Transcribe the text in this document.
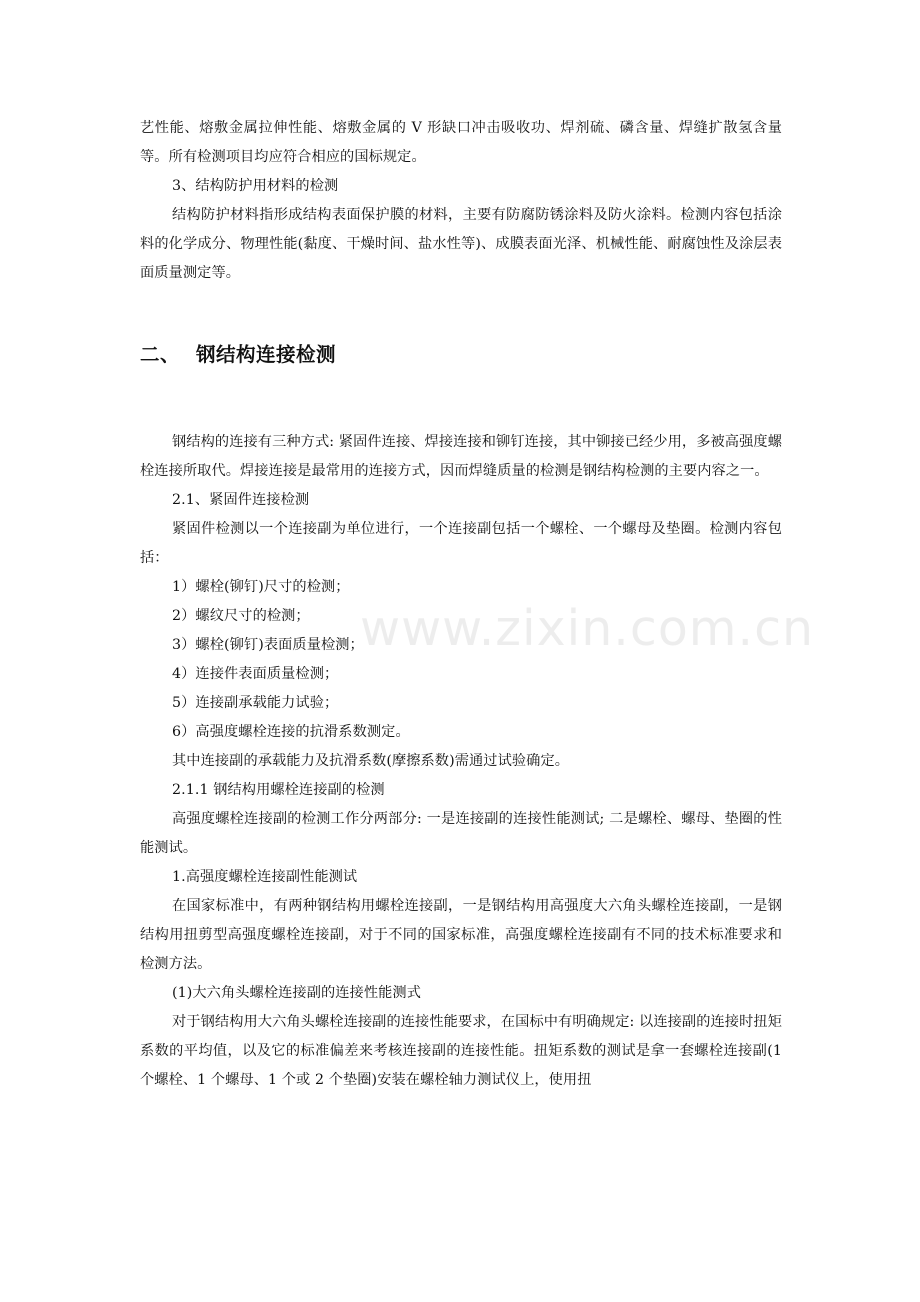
艺性能、熔敷金属拉伸性能、熔敷金属的 V 形缺口冲击吸收功、焊剂硫、磷含量、焊缝扩散氢含量等。所有检测项目均应符合相应的国标规定。

3、结构防护用材料的检测

结构防护材料指形成结构表面保护膜的材料，主要有防腐防锈涂料及防火涂料。检测内容包括涂料的化学成分、物理性能(黏度、干燥时间、盐水性等)、成膜表面光泽、机械性能、耐腐蚀性及涂层表面质量测定等。

二、 钢结构连接检测

钢结构的连接有三种方式: 紧固件连接、焊接连接和铆钉连接，其中铆接已经少用，多被高强度螺栓连接所取代。焊接连接是最常用的连接方式，因而焊缝质量的检测是钢结构检测的主要内容之一。

2.1、紧固件连接检测

紧固件检测以一个连接副为单位进行，一个连接副包括一个螺栓、一个螺母及垫圈。检测内容包括：

1）螺栓(铆钉)尺寸的检测；

2）螺纹尺寸的检测；

3）螺栓(铆钉)表面质量检测；

4）连接件表面质量检测；

5）连接副承载能力试验；

6）高强度螺栓连接的抗滑系数测定。

其中连接副的承载能力及抗滑系数(摩擦系数)需通过试验确定。

2.1.1 钢结构用螺栓连接副的检测

高强度螺栓连接副的检测工作分两部分: 一是连接副的连接性能测试; 二是螺栓、螺母、垫圈的性能测试。

1.高强度螺栓连接副性能测试

在国家标准中，有两种钢结构用螺栓连接副，一是钢结构用高强度大六角头螺栓连接副，一是钢结构用扭剪型高强度螺栓连接副，对于不同的国家标准，高强度螺栓连接副有不同的技术标准要求和检测方法。

(1)大六角头螺栓连接副的连接性能测式

对于钢结构用大六角头螺栓连接副的连接性能要求，在国标中有明确规定: 以连接副的连接时扭矩系数的平均值，以及它的标准偏差来考核连接副的连接性能。扭矩系数的测试是拿一套螺栓连接副(1 个螺栓、1 个螺母、1 个或 2 个垫圈)安装在螺栓轴力测试仪上，使用扭

www.zixin.com.cn
